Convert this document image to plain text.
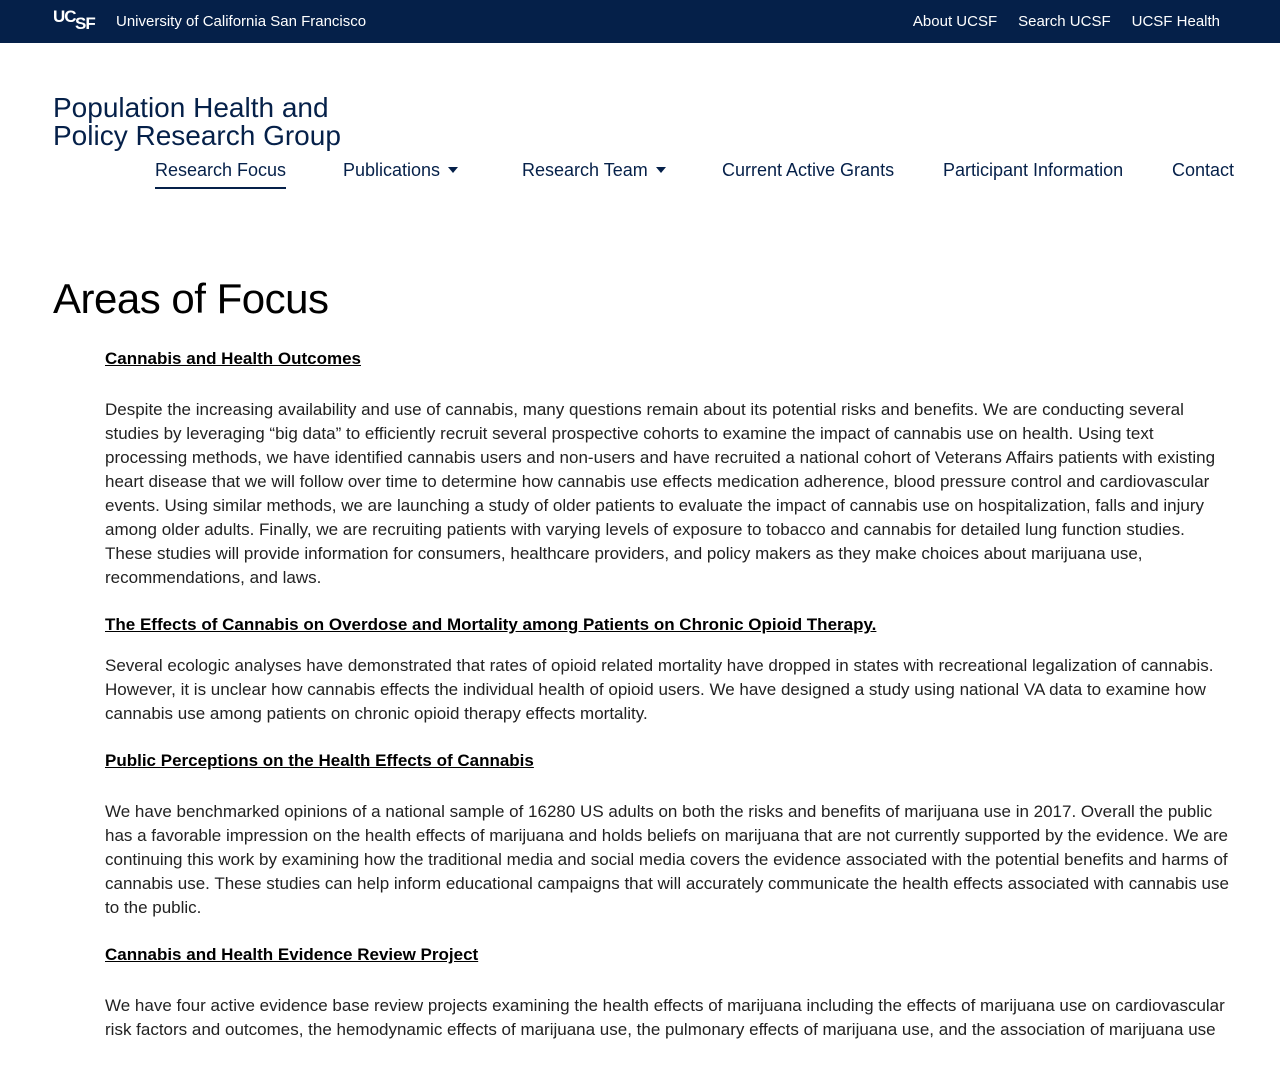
UC SF University of California San Francisco	About UCSF Search UCSF UCSF Health
Population Health and
Policy Research Group
Research Focus	Publications	Research Team	Current Active Grants	Participant Information	Contact
Areas of Focus
Cannabis and Health Outcomes

Despite the increasing availability and use of cannabis, many questions remain about its potential risks and benefits. We are conducting several studies by leveraging “big data” to efficiently recruit several prospective cohorts to examine the impact of cannabis use on health. Using text processing methods, we have identified cannabis users and non-users and have recruited a national cohort of Veterans Affairs patients with existing heart disease that we will follow over time to determine how cannabis use effects medication adherence, blood pressure control and cardiovascular events. Using similar methods, we are launching a study of older patients to evaluate the impact of cannabis use on hospitalization, falls and injury among older adults. Finally, we are recruiting patients with varying levels of exposure to tobacco and cannabis for detailed lung function studies. These studies will provide information for consumers, healthcare providers, and policy makers as they make choices about marijuana use, recommendations, and laws.

The Effects of Cannabis on Overdose and Mortality among Patients on Chronic Opioid Therapy.

Several ecologic analyses have demonstrated that rates of opioid related mortality have dropped in states with recreational legalization of cannabis. However, it is unclear how cannabis effects the individual health of opioid users. We have designed a study using national VA data to examine how cannabis use among patients on chronic opioid therapy effects mortality.

Public Perceptions on the Health Effects of Cannabis

We have benchmarked opinions of a national sample of 16280 US adults on both the risks and benefits of marijuana use in 2017. Overall the public has a favorable impression on the health effects of marijuana and holds beliefs on marijuana that are not currently supported by the evidence. We are continuing this work by examining how the traditional media and social media covers the evidence associated with the potential benefits and harms of cannabis use. These studies can help inform educational campaigns that will accurately communicate the health effects associated with cannabis use to the public.

Cannabis and Health Evidence Review Project

We have four active evidence base review projects examining the health effects of marijuana including the effects of marijuana use on cardiovascular risk factors and outcomes, the hemodynamic effects of marijuana use, the pulmonary effects of marijuana use, and the association of marijuana use
